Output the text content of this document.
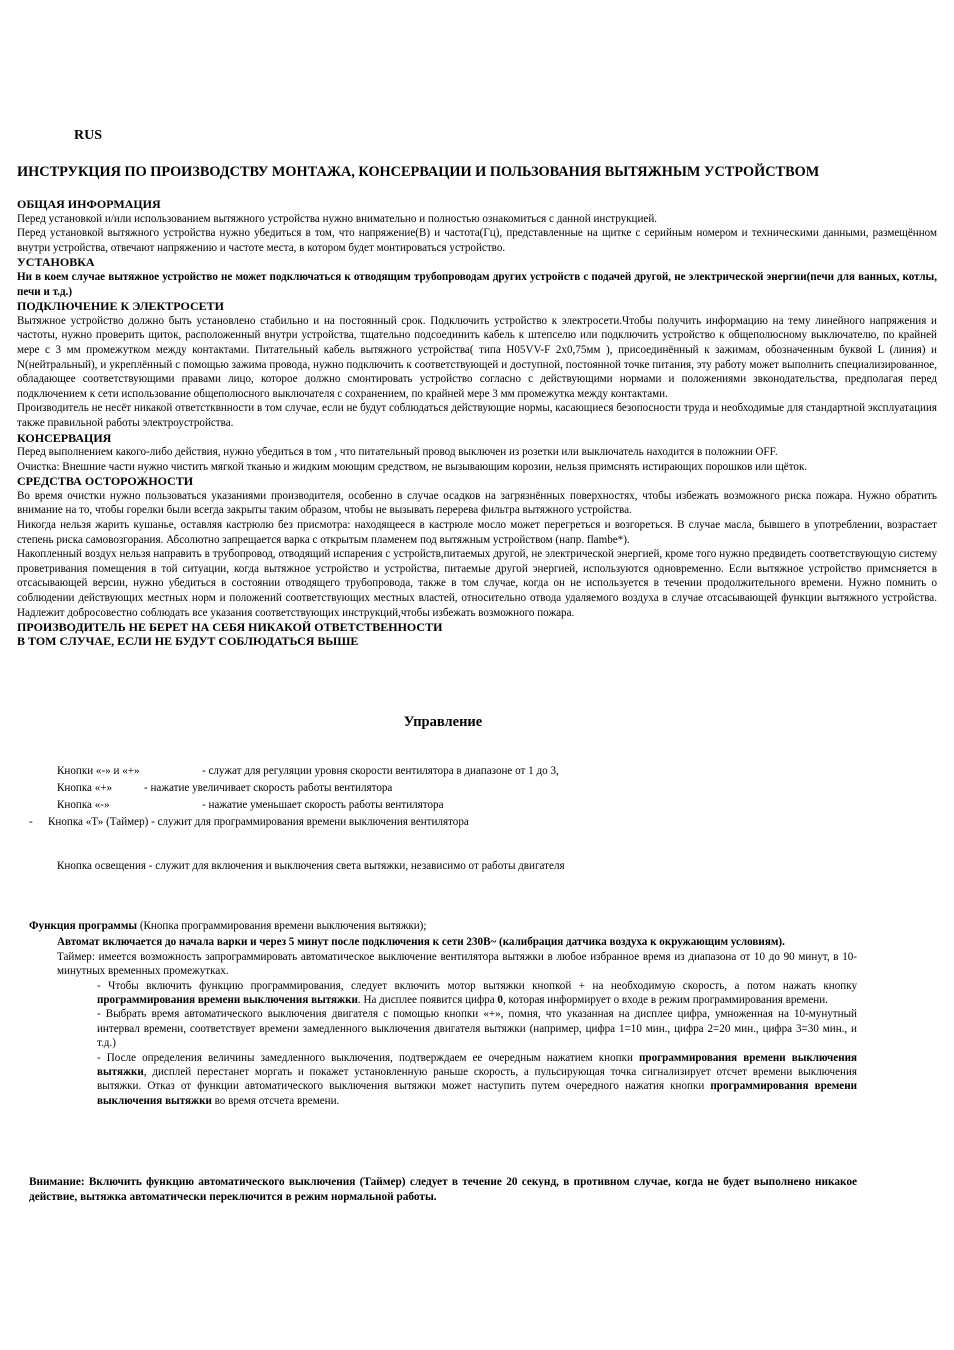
RUS
ИНСТРУКЦИЯ ПО ПРОИЗВОДСТВУ МОНТАЖА, КОНСЕРВАЦИИ И ПОЛЬЗОВАНИЯ ВЫТЯЖНЫМ УСТРОЙСТВОМ

ОБЩАЯ ИНФОРМАЦИЯ

Перед установкой и/или использованием вытяжного устройства нужно внимательно и полностью ознакомиться с данной инструкцией.

Перед установкой вытяжного устройства нужно убедиться в том, что напряжение(В) и частота(Гц), представленные на щитке с серийным номером и техническими данными, размещённом внутри устройства, отвечают напряжению и частоте места, в котором будет монтироваться устройство.

УСТАНОВКА

Ни в коем случае вытяжное устройство не может подключаться к отводящим трубопроводам других устройств с подачей другой, не электрической энергии(печи для ванных, котлы, печи и т.д.)

ПОДКЛЮЧЕНИЕ К ЭЛЕКТРОСЕТИ

Вытяжное устройство должно быть установлено стабильно и на постоянный срок. Подключить устройство к электросети.Чтобы получить информацию на тему линейного напряжения и частоты, нужно проверить щиток, расположенный внутри устройства, тщательно подсоединить кабель к штепселю или подключить устройство к общеполюсному выключателю, по крайней мере с 3 мм промежутком между контактами. Питательный кабель вытяжного устройства( типа H05VV-F 2x0,75мм ), присоединённый к зажимам, обозначенным буквой L (линия) и N(нейтральный), и укреплённый с помощью зажима провода, нужно подключить к соответствующей и доступной, постоянной точке питания, эту работу может выполнить специализированное, обладающее соответствующими правами лицо, которое должно смонтировать устройство согласно с действующими нормами и положениями звконодательства, предполагая перед подключением к сети использование общеполюсного выключателя с сохранением, по крайней мере 3 мм промежутка между контактами.

Производитель не несёт никакой ответстквнности в том случае, если не будут соблюдаться действующие нормы, касающиеся безопосности труда и необходимые для стандартной эксплуатациия также правильной работы электроустройства.

КОНСЕРВАЦИЯ

Перед выполнением какого-либо действия, нужно убедиться в том , что питательный провод выключен из розетки или выключатель находится в положнии OFF.

Очистка: Внешние части нужно чистить мягкой тканью и жидким моющим средством, не вызывающим корозии, нельзя примснять истирающих порошков или щёток.

СРЕДСТВА ОСТОРОЖНОСТИ

Во время очистки нужно пользоваться указаниями производителя, особенно в случае осадков на загрязнённых поверхностях, чтобы избежать возможного риска пожара. Нужно обратить внимание на то, чтобы горелки были всегда закрыты таким образом, чтобы не вызывать перерева фильтра вытяжного устройства.

Никогда нельзя жарить кушанье, оставляя кастрюлю без присмотра: находящееся в кастрюле мосло может перегреться и возгореться. В случае масла, бывшего в употреблении, возрастает степень риска самовозгорания. Абсолютно запрещается варка с открытым пламенем под вытяжным устройством (напр. flambe*).

Накопленный воздух нельзя направить в трубопровод, отводящий испарения с устройств,питаемых другой, не электрической энергией, кроме того нужно предвидеть соответствующую систему проветривания помещения в той ситуации, когда вытяжное устройство и устройства, питаемые другой энергией, используются одновременно. Если вытяжное устройство примсняется в отсасывающей версии, нужно убедиться в состоянии отводящего трубопровода, также в том случае, когда он не используется в течении продолжительного времени. Нужно помнить о соблюдении действующих местных норм и положений соответствующих местных властей, относительно отвода удаляемого воздуха в случае отсасывающей функции вытяжного устройства. Надлежит добросовестно соблюдать все указания соответствующих инструкций,чтобы избежать возможного пожара.

ПРОИЗВОДИТЕЛЬ НЕ БЕРЕТ НА СЕБЯ НИКАКОЙ ОТВЕТСТВЕННОСТИ

В ТОМ СЛУЧАЕ, ЕСЛИ НЕ БУДУТ СОБЛЮДАТЬСЯ ВЫШЕ

Управление
Кнопки «-» и «+»	- служат для регуляции уровня скорости вентилятора в диапазоне от 1 до 3,
Кнопка «+»	- нажатие увеличивает скорость работы вентилятора
Кнопка «-»	- нажатие уменьшает скорость работы вентилятора
-	Кнопка «Т» (Таймер) - служит для программирования времени выключения вентилятора
Кнопка освещения - служит для включения и выключения света вытяжки, независимо от работы двигателя

Функция программы (Кнопка программирования времени выключения вытяжки);

Автомат включается до начала варки и через 5 минут после подключения к сети 230В~ (калибрация датчика воздуха к окружающим условиям).

Таймер: имеется возможность запрограммировать автоматическое выключение вентилятора вытяжки в любое избранное время из диапазона от 10 до 90 минут, в 10-минутных временных промежутках.

- Чтобы включить функцию программирования, следует включить мотор вытяжки кнопкой + на необходимую скорость, а потом нажать кнопку программирования времени выключения вытяжки. На дисплее появится цифра 0, которая информирует о входе в режим программирования времени.

- Выбрать время автоматического выключения двигателя с помощью кнопки «+», помня, что указанная на дисплее цифра, умноженная на 10-мунутный интервал времени, соответствует времени замедленного выключения двигателя вытяжки (например, цифра 1=10 мин., цифра 2=20 мин., цифра 3=30 мин., и т.д.)

- После определения величины замедленного выключения, подтверждаем ее очередным нажатием кнопки программирования времени выключения вытяжки, дисплей перестанет моргать и покажет установленную раньше скорость, а пульсирующая точка сигнализирует отсчет времени выключения вытяжки. Отказ от функции автоматического выключения вытяжки может наступить путем очередного нажатия кнопки программирования времени выключения вытяжки во время отсчета времени.

Внимание: Включить функцию автоматического выключения (Таймер) следует в течение 20 секунд, в противном случае, когда не будет выполнено никакое действие, вытяжка автоматически переключится в режим нормальной работы.
